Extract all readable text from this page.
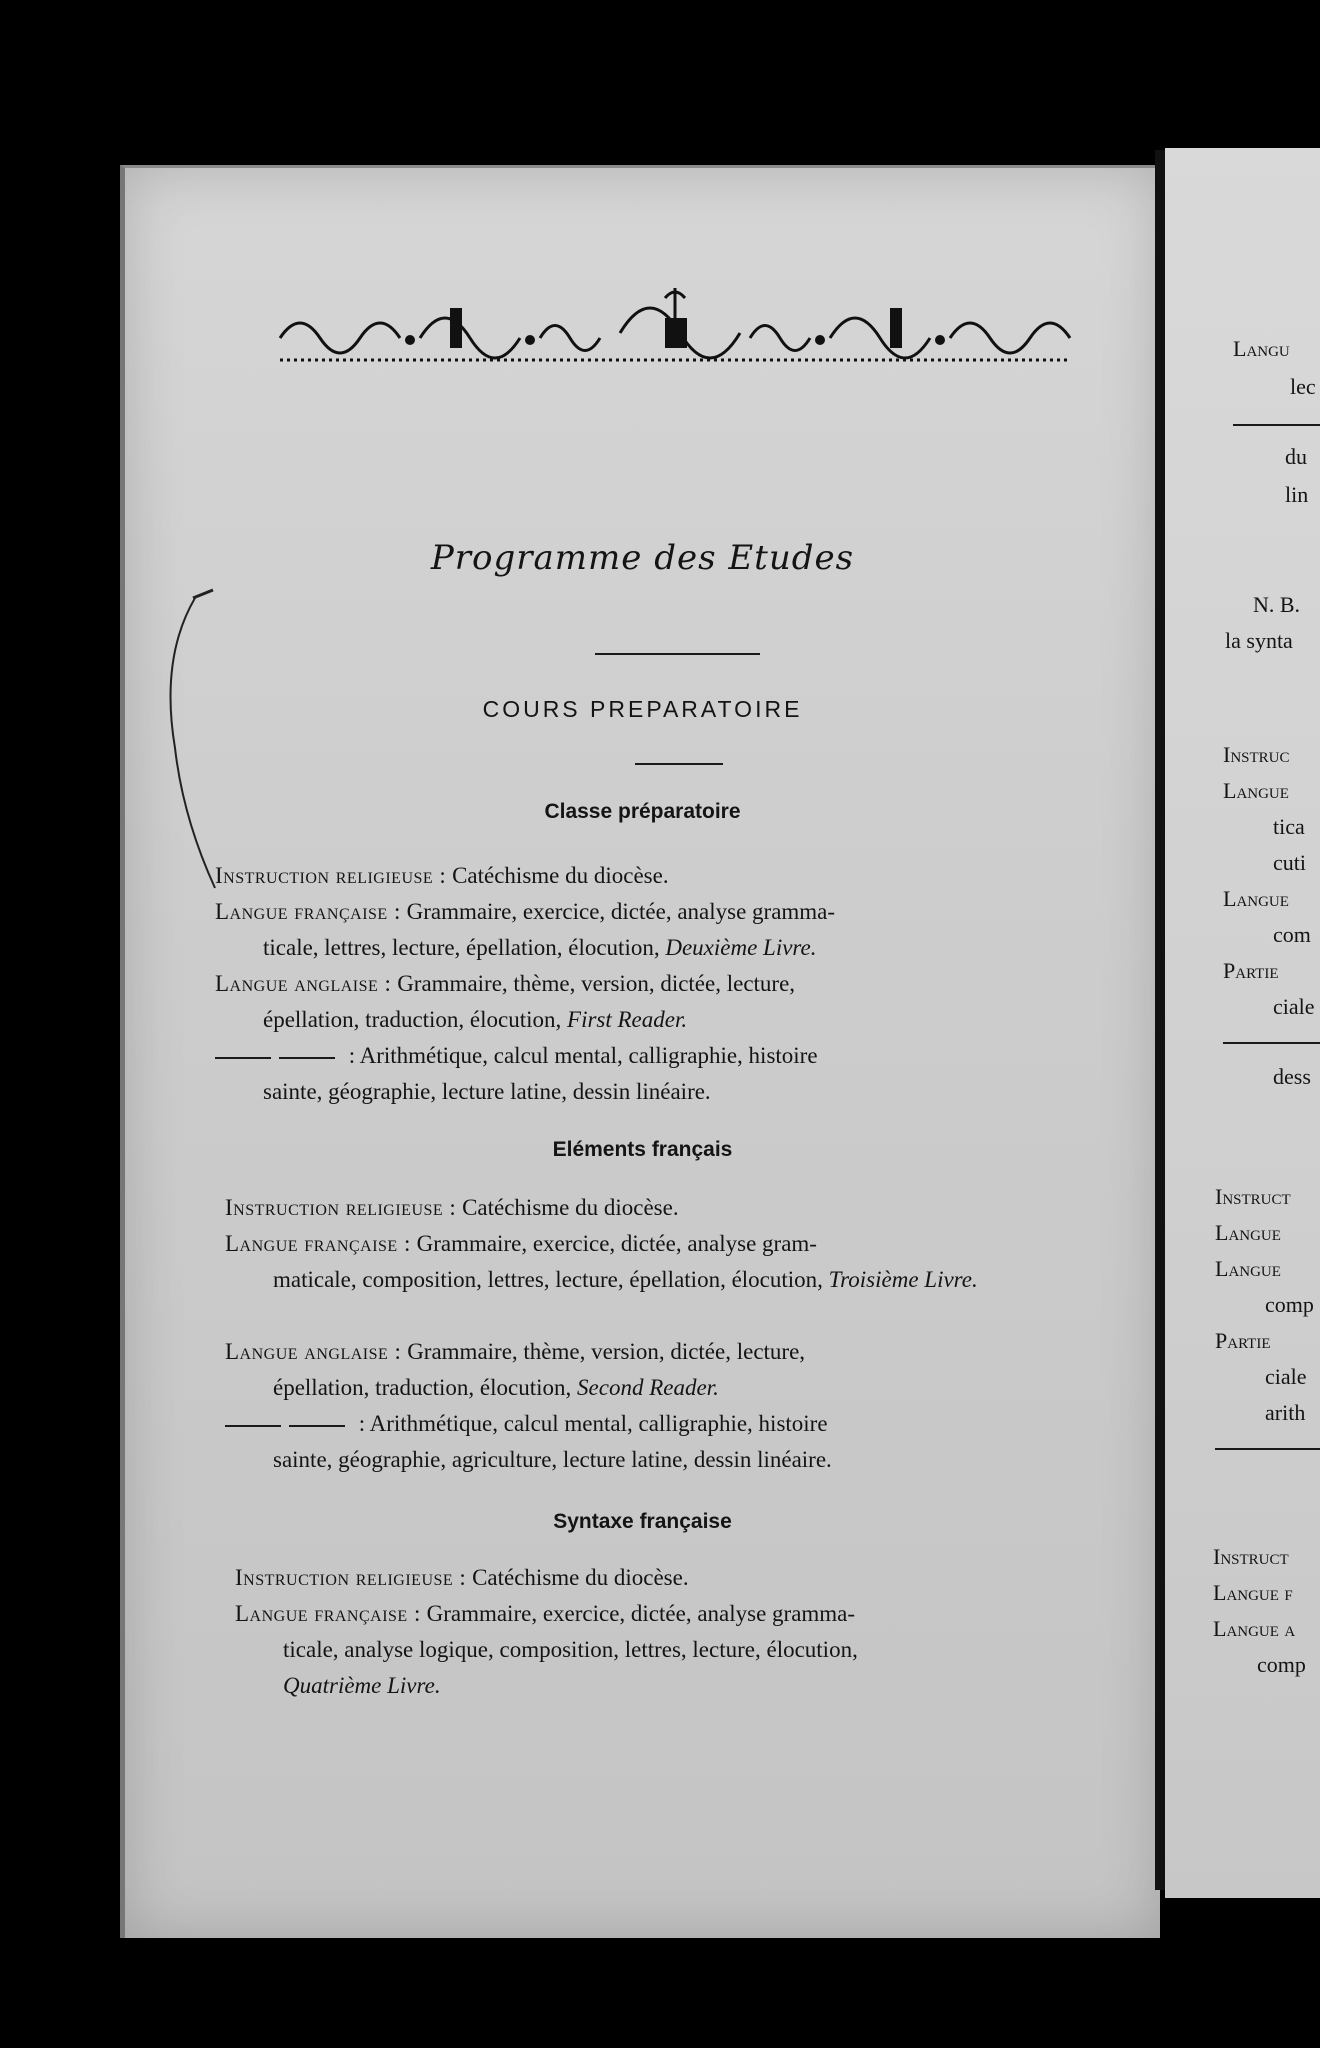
Programme des Etudes
COURS PREPARATOIRE
Classe préparatoire
Instruction religieuse : Catéchisme du diocèse.
Langue française : Grammaire, exercice, dictée, analyse gramma-
ticale, lettres, lecture, épellation, élocution, Deuxième Livre.
Langue anglaise : Grammaire, thème, version, dictée, lecture,
épellation, traduction, élocution, First Reader.
: Arithmétique, calcul mental, calligraphie, histoire
sainte, géographie, lecture latine, dessin linéaire.
Eléments français
Instruction religieuse : Catéchisme du diocèse.
Langue française : Grammaire, exercice, dictée, analyse gram-
maticale, composition, lettres, lecture, épellation, élocution, Troisième Livre.
Langue anglaise : Grammaire, thème, version, dictée, lecture,
épellation, traduction, élocution, Second Reader.
: Arithmétique, calcul mental, calligraphie, histoire
sainte, géographie, agriculture, lecture latine, dessin linéaire.
Syntaxe française
Instruction religieuse : Catéchisme du diocèse.
Langue française : Grammaire, exercice, dictée, analyse gramma-
ticale, analyse logique, composition, lettres, lecture, élocution,
Quatrième Livre.
Langu
lec
du
lin
N. B.
la synta
Instruc
Langue
tica
cuti
Langue
com
Partie
ciale
dess
Instruct
Langue
Langue
comp
Partie
ciale
arith
Instruct
Langue f
Langue a
comp
